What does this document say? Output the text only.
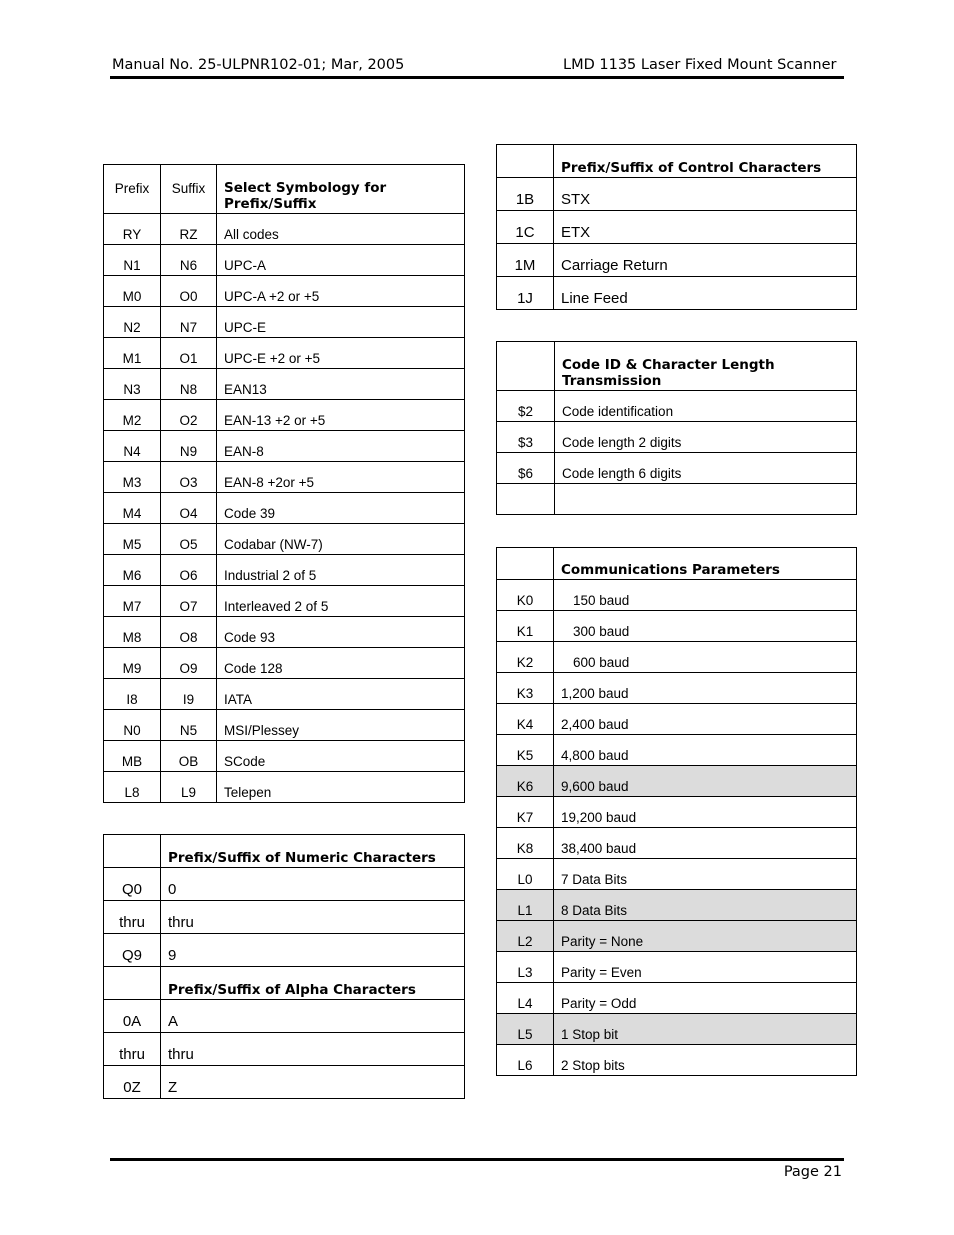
Manual No. 25-ULPNR102-01; Mar, 2005	LMD 1135 Laser Fixed Mount Scanner
Prefix	Suffix	Select Symbology for Prefix/Suffix
RY	RZ	All codes
N1	N6	UPC-A
M0	O0	UPC-A +2 or +5
N2	N7	UPC-E
M1	O1	UPC-E +2 or +5
N3	N8	EAN13
M2	O2	EAN-13 +2 or +5
N4	N9	EAN-8
M3	O3	EAN-8 +2or +5
M4	O4	Code 39
M5	O5	Codabar (NW-7)
M6	O6	Industrial 2 of 5
M7	O7	Interleaved 2 of 5
M8	O8	Code 93
M9	O9	Code 128
I8	I9	IATA
N0	N5	MSI/Plessey
MB	OB	SCode
L8	L9	Telepen
	Prefix/Suffix of Numeric Characters
Q0	0
thru	thru
Q9	9
	Prefix/Suffix of Alpha Characters
0A	A
thru	thru
0Z	Z
	Prefix/Suffix of Control Characters
1B	STX
1C	ETX
1M	Carriage Return
1J	Line Feed
	Code ID & Character Length Transmission
$2	Code identification
$3	Code length 2 digits
$6	Code length 6 digits

	Communications Parameters
K0	150 baud
K1	300 baud
K2	600 baud
K3	1,200 baud
K4	2,400 baud
K5	4,800 baud
K6	9,600 baud
K7	19,200 baud
K8	38,400 baud
L0	7 Data Bits
L1	8 Data Bits
L2	Parity = None
L3	Parity = Even
L4	Parity = Odd
L5	1 Stop bit
L6	2 Stop bits
Page 21
